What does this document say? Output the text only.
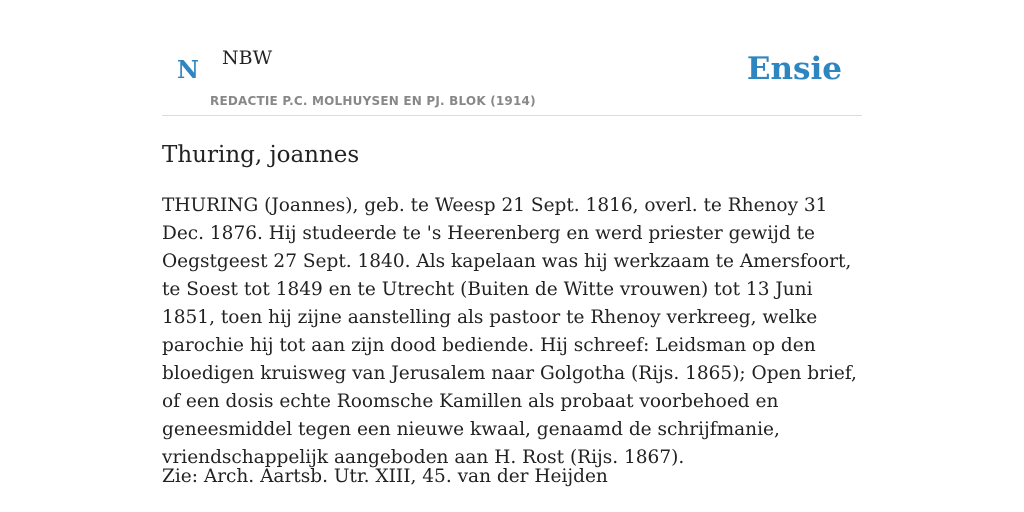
N NBW	Ensie
REDACTIE P.C. MOLHUYSEN EN PJ. BLOK (1914)
Thuring, joannes

THURING (Joannes), geb. te Weesp 21 Sept. 1816, overl. te Rhenoy 31 Dec. 1876. Hij studeerde te 's Heerenberg en werd priester gewijd te Oegstgeest 27 Sept. 1840. Als kapelaan was hij werkzaam te Amersfoort, te Soest tot 1849 en te Utrecht (Buiten de Witte vrouwen) tot 13 Juni 1851, toen hij zijne aanstelling als pastoor te Rhenoy verkreeg, welke parochie hij tot aan zijn dood bediende. Hij schreef: Leidsman op den bloedigen kruisweg van Jerusalem naar Golgotha (Rijs. 1865); Open brief, of een dosis echte Roomsche Kamillen als probaat voorbehoed en geneesmiddel tegen een nieuwe kwaal, genaamd de schrijfmanie, vriendschappelijk aangeboden aan H. Rost (Rijs. 1867).

Zie: Arch. Aartsb. Utr. XIII, 45. van der Heijden
